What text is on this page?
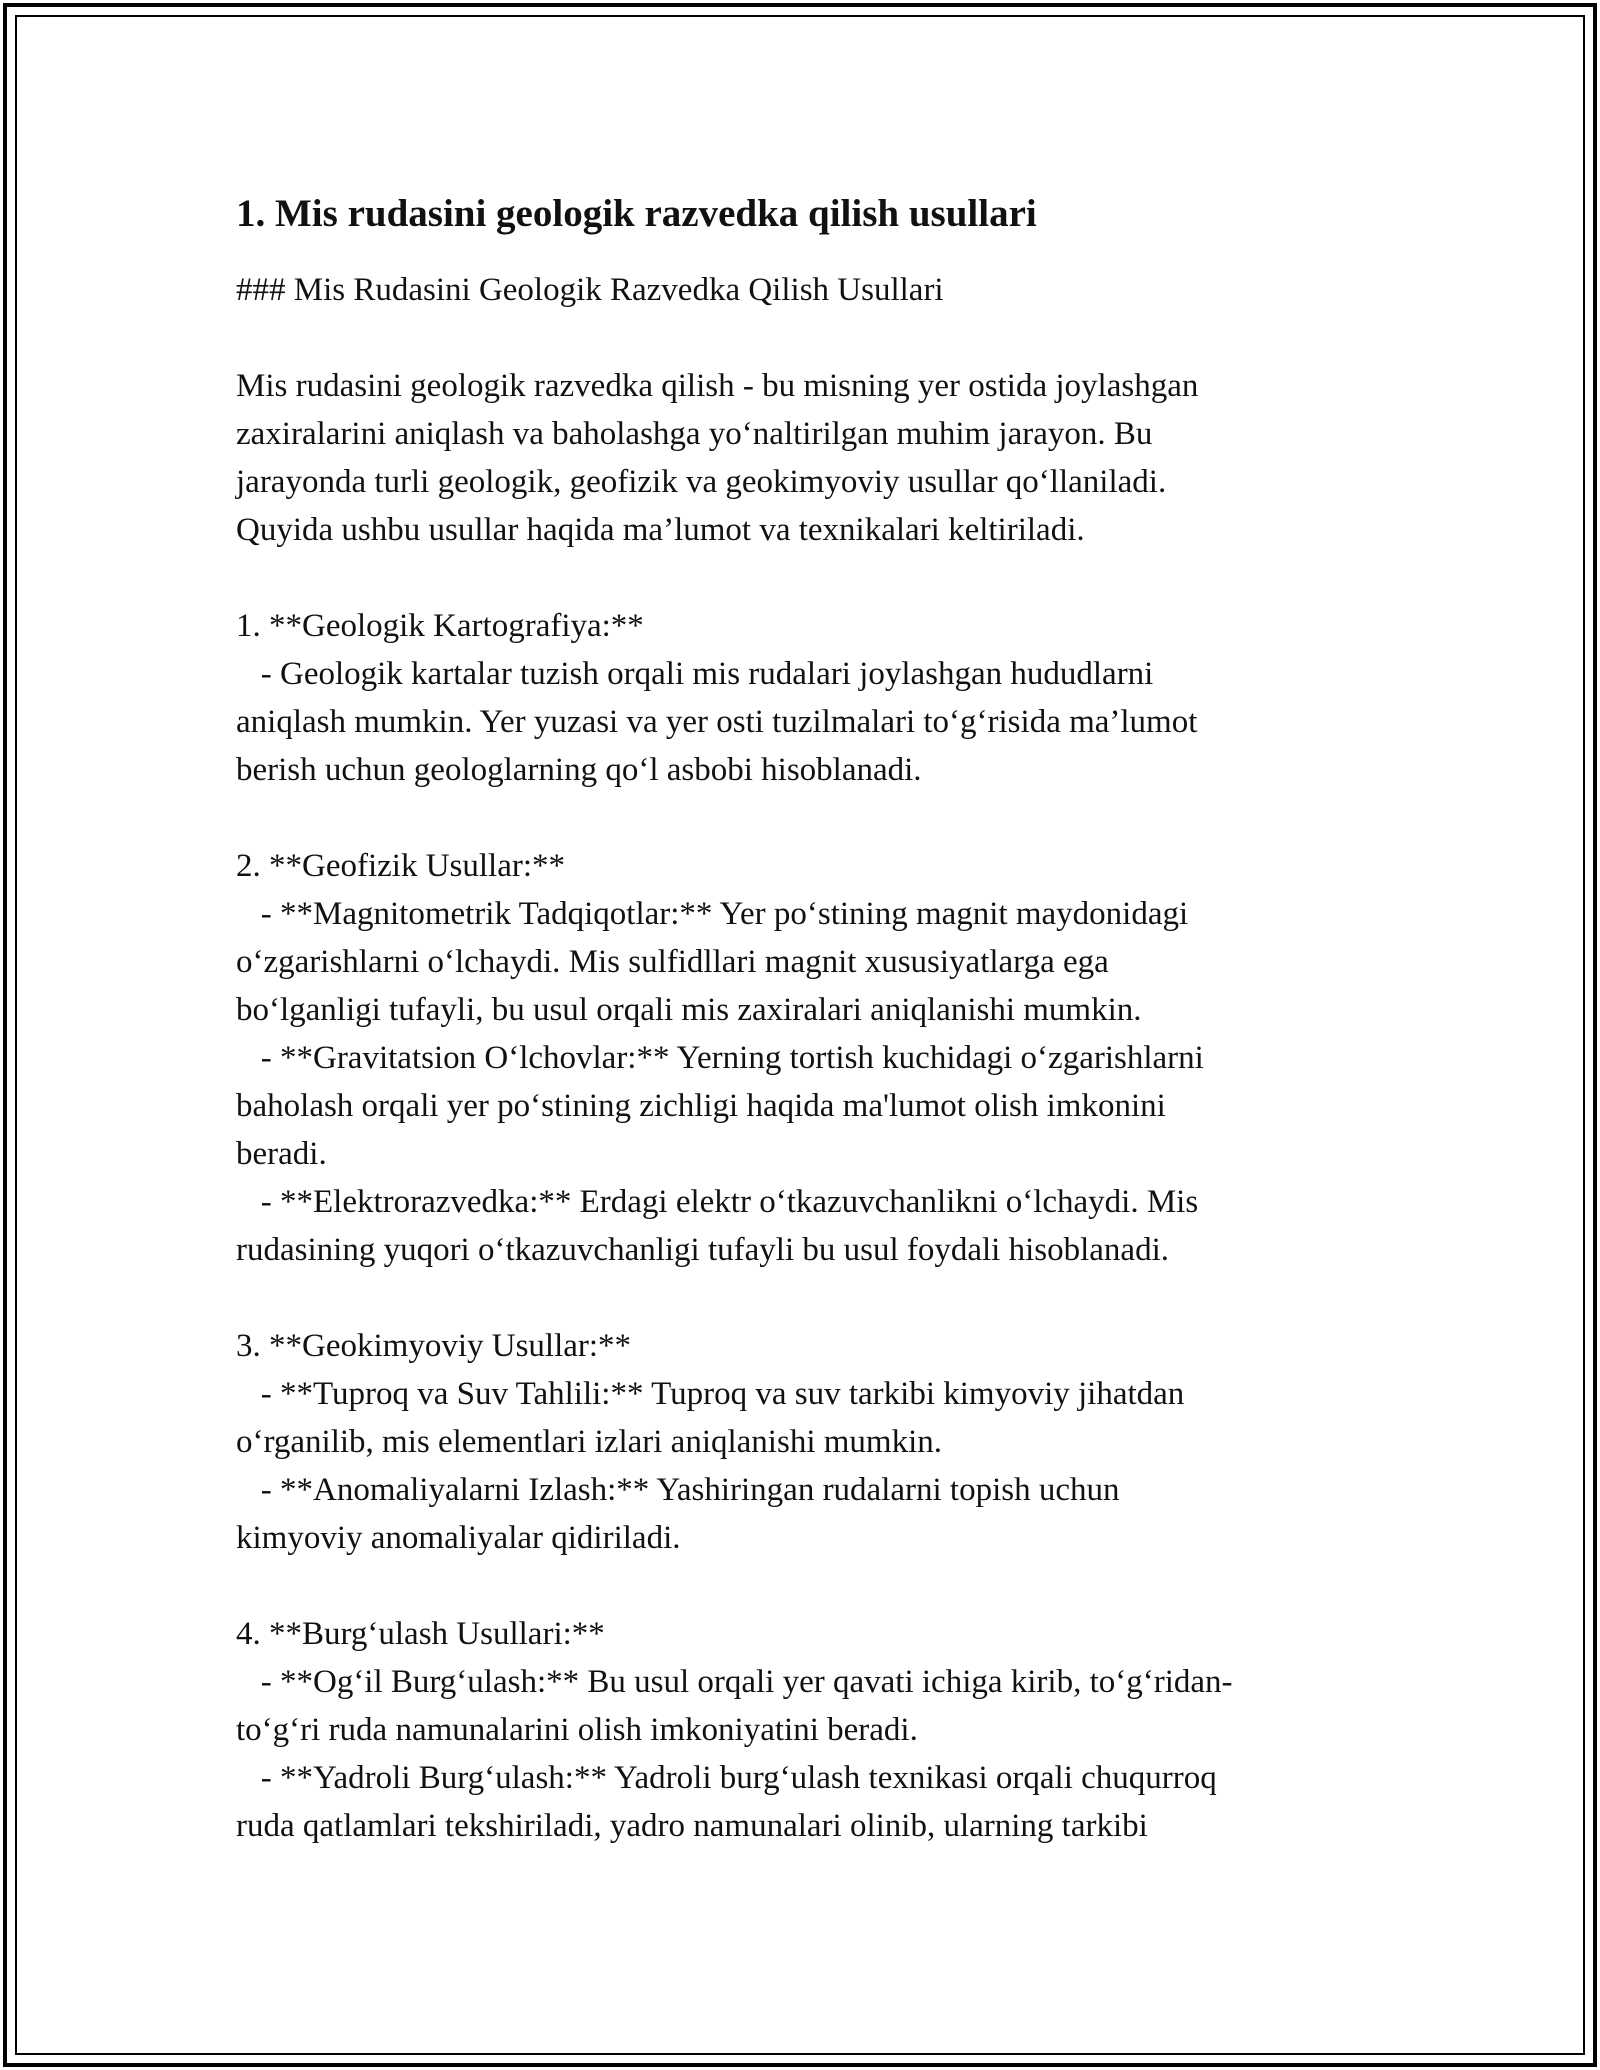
1. Mis rudasini geologik razvedka qilish usullari
### Mis Rudasini Geologik Razvedka Qilish Usullari
Mis rudasini geologik razvedka qilish - bu misning yer ostida joylashgan
zaxiralarini aniqlash va baholashga yo‘naltirilgan muhim jarayon. Bu
jarayonda turli geologik, geofizik va geokimyoviy usullar qo‘llaniladi.
Quyida ushbu usullar haqida ma’lumot va texnikalari keltiriladi.
1. **Geologik Kartografiya:**
- Geologik kartalar tuzish orqali mis rudalari joylashgan hududlarni
aniqlash mumkin. Yer yuzasi va yer osti tuzilmalari to‘g‘risida ma’lumot
berish uchun geologlarning qo‘l asbobi hisoblanadi.
2. **Geofizik Usullar:**
- **Magnitometrik Tadqiqotlar:** Yer po‘stining magnit maydonidagi
o‘zgarishlarni o‘lchaydi. Mis sulfidllari magnit xususiyatlarga ega
bo‘lganligi tufayli, bu usul orqali mis zaxiralari aniqlanishi mumkin.
- **Gravitatsion O‘lchovlar:** Yerning tortish kuchidagi o‘zgarishlarni
baholash orqali yer po‘stining zichligi haqida ma'lumot olish imkonini
beradi.
- **Elektrorazvedka:** Erdagi elektr o‘tkazuvchanlikni o‘lchaydi. Mis
rudasining yuqori o‘tkazuvchanligi tufayli bu usul foydali hisoblanadi.
3. **Geokimyoviy Usullar:**
- **Tuproq va Suv Tahlili:** Tuproq va suv tarkibi kimyoviy jihatdan
o‘rganilib, mis elementlari izlari aniqlanishi mumkin.
- **Anomaliyalarni Izlash:** Yashiringan rudalarni topish uchun
kimyoviy anomaliyalar qidiriladi.
4. **Burg‘ulash Usullari:**
- **Og‘il Burg‘ulash:** Bu usul orqali yer qavati ichiga kirib, to‘g‘ridan-
to‘g‘ri ruda namunalarini olish imkoniyatini beradi.
- **Yadroli Burg‘ulash:** Yadroli burg‘ulash texnikasi orqali chuqurroq
ruda qatlamlari tekshiriladi, yadro namunalari olinib, ularning tarkibi
